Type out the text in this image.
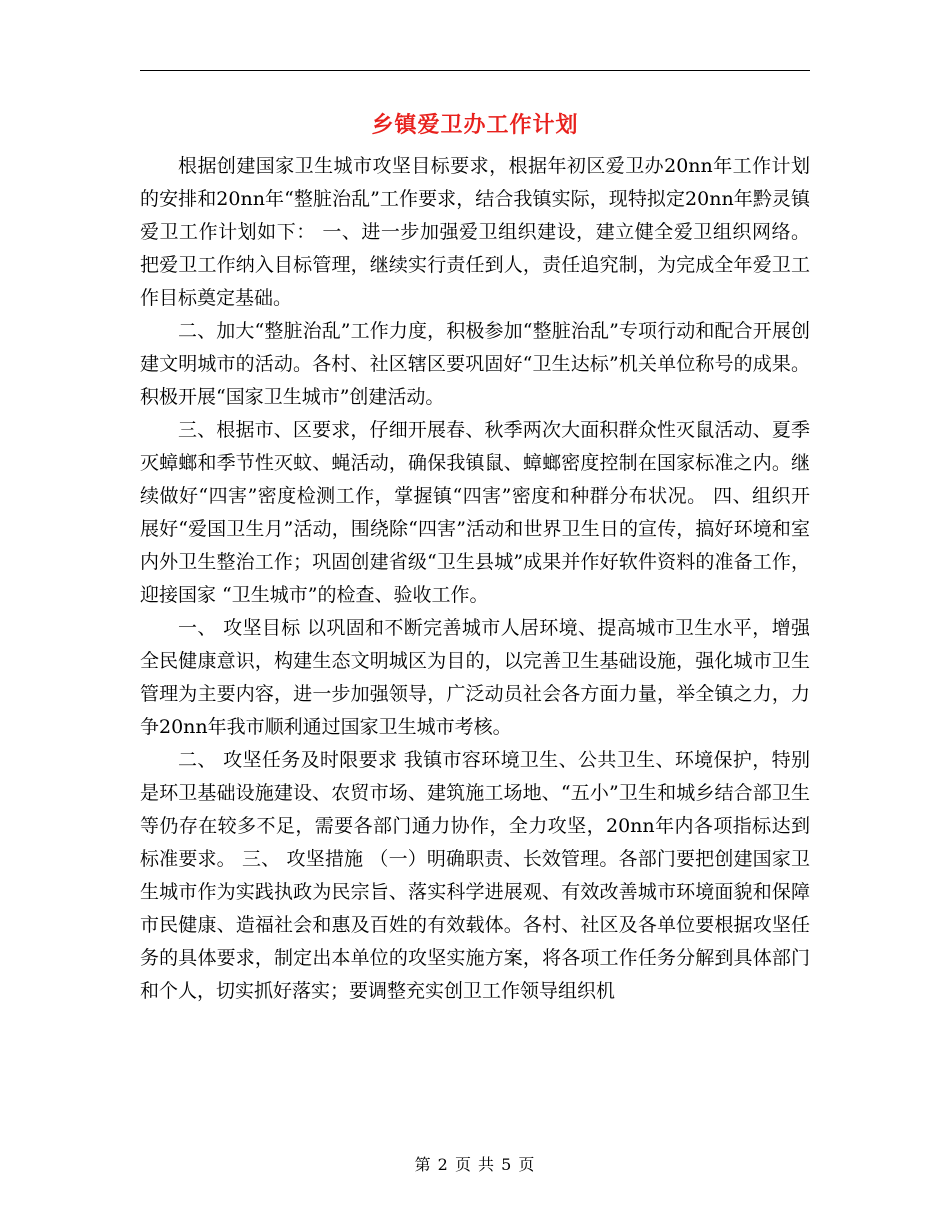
乡镇爱卫办工作计划

根据创建国家卫生城市攻坚目标要求，根据年初区爱卫办20nn年工作计划的安排和20nn年“整脏治乱”工作要求，结合我镇实际，现特拟定20nn年黔灵镇爱卫工作计划如下： 一、进一步加强爱卫组织建设，建立健全爱卫组织网络。把爱卫工作纳入目标管理，继续实行责任到人，责任追究制，为完成全年爱卫工作目标奠定基础。

二、加大“整脏治乱”工作力度，积极参加“整脏治乱”专项行动和配合开展创建文明城市的活动。各村、社区辖区要巩固好“卫生达标”机关单位称号的成果。积极开展“国家卫生城市”创建活动。

三、根据市、区要求，仔细开展春、秋季两次大面积群众性灭鼠活动、夏季灭蟑螂和季节性灭蚊、蝇活动，确保我镇鼠、蟑螂密度控制在国家标准之内。继续做好“四害”密度检测工作，掌握镇“四害”密度和种群分布状况。 四、组织开展好“爱国卫生月”活动，围绕除“四害”活动和世界卫生日的宣传，搞好环境和室内外卫生整治工作；巩固创建省级“卫生县城”成果并作好软件资料的准备工作，迎接国家 “卫生城市”的检查、验收工作。

一、 攻坚目标 以巩固和不断完善城市人居环境、提高城市卫生水平，增强全民健康意识，构建生态文明城区为目的，以完善卫生基础设施，强化城市卫生管理为主要内容，进一步加强领导，广泛动员社会各方面力量，举全镇之力，力争20nn年我市顺利通过国家卫生城市考核。

二、 攻坚任务及时限要求 我镇市容环境卫生、公共卫生、环境保护，特别是环卫基础设施建设、农贸市场、建筑施工场地、“五小”卫生和城乡结合部卫生等仍存在较多不足，需要各部门通力协作，全力攻坚，20nn年内各项指标达到标准要求。 三、 攻坚措施 （一）明确职责、长效管理。各部门要把创建国家卫生城市作为实践执政为民宗旨、落实科学进展观、有效改善城市环境面貌和保障市民健康、造福社会和惠及百姓的有效载体。各村、社区及各单位要根据攻坚任务的具体要求，制定出本单位的攻坚实施方案，将各项工作任务分解到具体部门和个人，切实抓好落实；要调整充实创卫工作领导组织机

第 2 页 共 5 页
